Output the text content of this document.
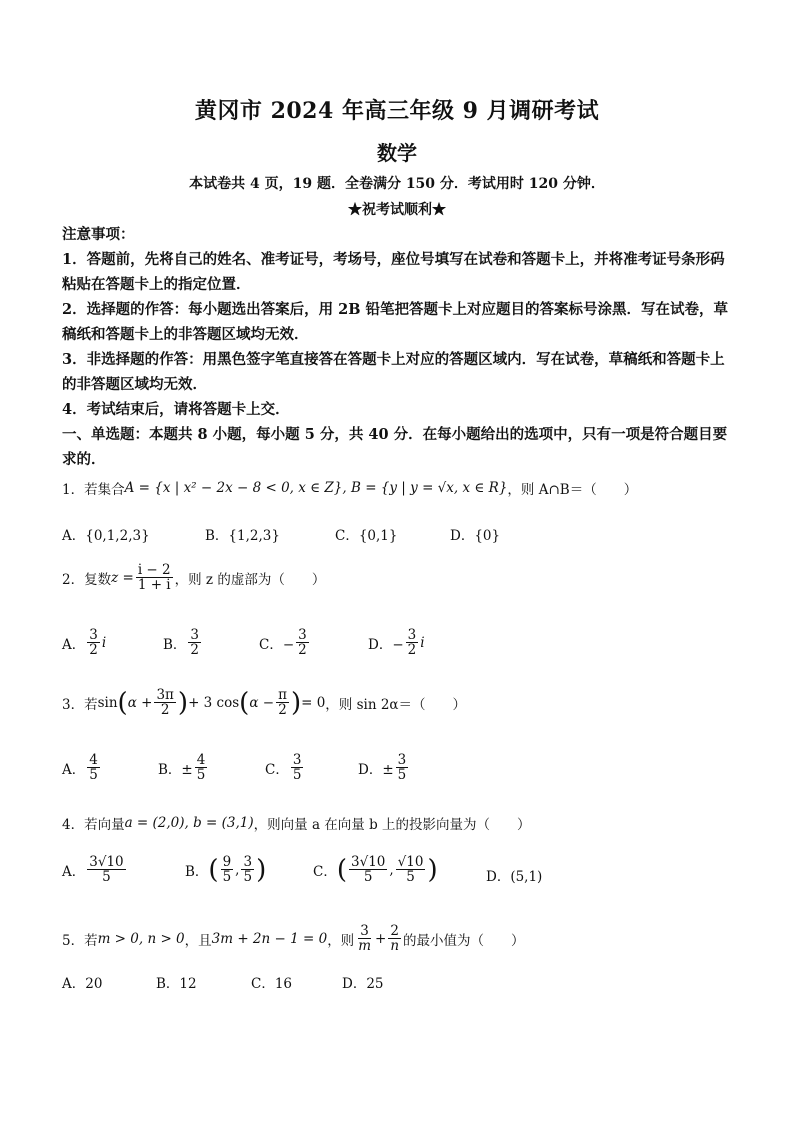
黄冈市 2024 年高三年级 9 月调研考试
数学
本试卷共 4 页，19 题．全卷满分 150 分．考试用时 120 分钟．
★祝考试顺利★

注意事项：

1．答题前，先将自己的姓名、准考证号，考场号，座位号填写在试卷和答题卡上，并将准考证号条形码粘贴在答题卡上的指定位置．

2．选择题的作答：每小题选出答案后，用 2B 铅笔把答题卡上对应题目的答案标号涂黑．写在试卷，草稿纸和答题卡上的非答题区域均无效．

3．非选择题的作答：用黑色签字笔直接答在答题卡上对应的答题区域内．写在试卷，草稿纸和答题卡上的非答题区域均无效．

4．考试结束后，请将答题卡上交．

一、单选题：本题共 8 小题，每小题 5 分，共 40 分．在每小题给出的选项中，只有一项是符合题目要求的．

1．若集合 A = {x | x² − 2x − 8 < 0, x ∈ Z} , B = {y | y = √x, x ∈ R} ，则 A∩B＝（　　）
A．{0,1,2,3}	B．{1,2,3}	C．{0,1}	D．{0}
2．复数 $z = \frac{i - 2}{1 + i}$ ，则 z 的虚部为（　　）
A． $\frac{3}{2}$ i	B． $\frac{3}{2}$	C．− $\frac{3}{2}$	D．− $\frac{3}{2}$ i
3．若 sin ( $\alpha + \frac{3\pi}{2}$ ) + 3 cos ( $\alpha - \frac{\pi}{2}$ ) = 0 ，则 sin 2α＝（　　）
A． $\frac{4}{5}$	B．± $\frac{4}{5}$	C． $\frac{3}{5}$	D．± $\frac{3}{5}$
4．若向量 a = (2,0), b = (3,1) ，则向量 a 在向量 b 上的投影向量为（　　）
A． $\frac{3√10}{5}$	B． ( $\frac{9}{5}$ , $\frac{3}{5}$ )	C． ( $\frac{3√10}{5}$ , $\frac{√10}{5}$ )	D．(5,1)
5．若 m > 0, n > 0 ，且 3m + 2n − 1 = 0 ，则 $\frac{3}{m} + \frac{2}{n}$ 的最小值为（　　）
A．20	B．12	C．16	D．25
